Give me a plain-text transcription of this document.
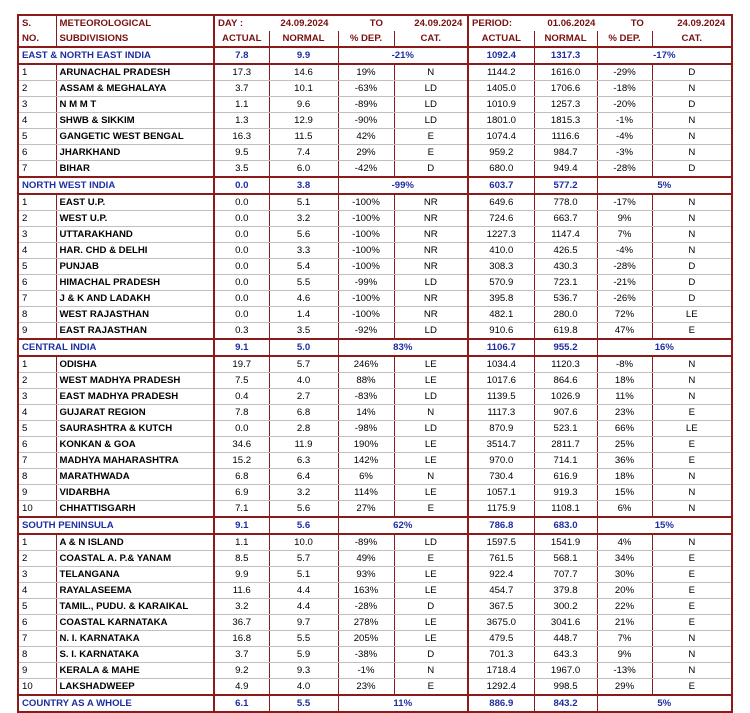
S.	METEOROLOGICAL	DAY : 24.09.2024 TO 24.09.2024				PERIOD: 01.06.2024 TO 24.09.2024			
NO.	SUBDIVISIONS	ACTUAL	NORMAL	% DEP.	CAT.	ACTUAL	NORMAL	% DEP.	CAT.
EAST & NORTH EAST INDIA		7.8	9.9	-21%		1092.4	1317.3	-17%	
1	ARUNACHAL PRADESH	17.3	14.6	19%	N	1144.2	1616.0	-29%	D
2	ASSAM & MEGHALAYA	3.7	10.1	-63%	LD	1405.0	1706.6	-18%	N
3	N M M T	1.1	9.6	-89%	LD	1010.9	1257.3	-20%	D
4	SHWB & SIKKIM	1.3	12.9	-90%	LD	1801.0	1815.3	-1%	N
5	GANGETIC WEST BENGAL	16.3	11.5	42%	E	1074.4	1116.6	-4%	N
6	JHARKHAND	9.5	7.4	29%	E	959.2	984.7	-3%	N
7	BIHAR	3.5	6.0	-42%	D	680.0	949.4	-28%	D
NORTH WEST INDIA		0.0	3.8	-99%		603.7	577.2	5%	
1	EAST U.P.	0.0	5.1	-100%	NR	649.6	778.0	-17%	N
2	WEST U.P.	0.0	3.2	-100%	NR	724.6	663.7	9%	N
3	UTTARAKHAND	0.0	5.6	-100%	NR	1227.3	1147.4	7%	N
4	HAR. CHD & DELHI	0.0	3.3	-100%	NR	410.0	426.5	-4%	N
5	PUNJAB	0.0	5.4	-100%	NR	308.3	430.3	-28%	D
6	HIMACHAL PRADESH	0.0	5.5	-99%	LD	570.9	723.1	-21%	D
7	J & K AND LADAKH	0.0	4.6	-100%	NR	395.8	536.7	-26%	D
8	WEST RAJASTHAN	0.0	1.4	-100%	NR	482.1	280.0	72%	LE
9	EAST RAJASTHAN	0.3	3.5	-92%	LD	910.6	619.8	47%	E
CENTRAL INDIA		9.1	5.0	83%		1106.7	955.2	16%	
1	ODISHA	19.7	5.7	246%	LE	1034.4	1120.3	-8%	N
2	WEST MADHYA PRADESH	7.5	4.0	88%	LE	1017.6	864.6	18%	N
3	EAST MADHYA PRADESH	0.4	2.7	-83%	LD	1139.5	1026.9	11%	N
4	GUJARAT REGION	7.8	6.8	14%	N	1117.3	907.6	23%	E
5	SAURASHTRA & KUTCH	0.0	2.8	-98%	LD	870.9	523.1	66%	LE
6	KONKAN & GOA	34.6	11.9	190%	LE	3514.7	2811.7	25%	E
7	MADHYA MAHARASHTRA	15.2	6.3	142%	LE	970.0	714.1	36%	E
8	MARATHWADA	6.8	6.4	6%	N	730.4	616.9	18%	N
9	VIDARBHA	6.9	3.2	114%	LE	1057.1	919.3	15%	N
10	CHHATTISGARH	7.1	5.6	27%	E	1175.9	1108.1	6%	N
SOUTH PENINSULA		9.1	5.6	62%		786.8	683.0	15%	
1	A & N ISLAND	1.1	10.0	-89%	LD	1597.5	1541.9	4%	N
2	COASTAL A. P.& YANAM	8.5	5.7	49%	E	761.5	568.1	34%	E
3	TELANGANA	9.9	5.1	93%	LE	922.4	707.7	30%	E
4	RAYALASEEMA	11.6	4.4	163%	LE	454.7	379.8	20%	E
5	TAMIL., PUDU. & KARAIKAL	3.2	4.4	-28%	D	367.5	300.2	22%	E
6	COASTAL KARNATAKA	36.7	9.7	278%	LE	3675.0	3041.6	21%	E
7	N. I. KARNATAKA	16.8	5.5	205%	LE	479.5	448.7	7%	N
8	S. I. KARNATAKA	3.7	5.9	-38%	D	701.3	643.3	9%	N
9	KERALA & MAHE	9.2	9.3	-1%	N	1718.4	1967.0	-13%	N
10	LAKSHADWEEP	4.9	4.0	23%	E	1292.4	998.5	29%	E
COUNTRY AS A WHOLE		6.1	5.5	11%		886.9	843.2	5%	
